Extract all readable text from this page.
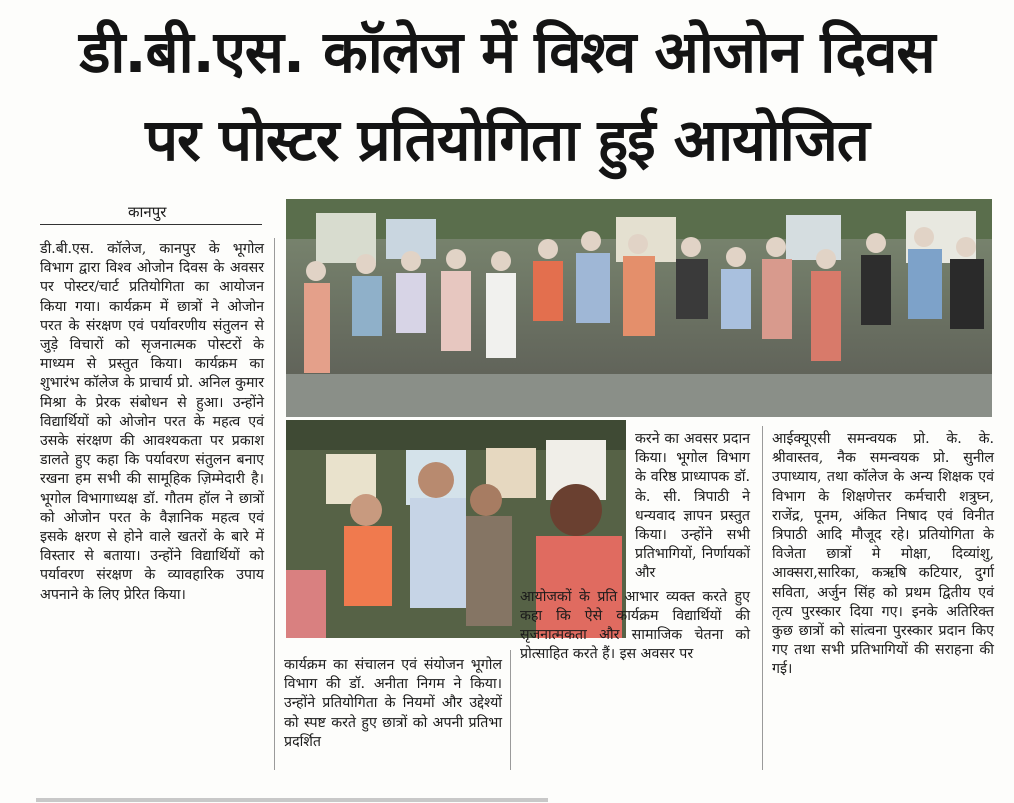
डी.बी.एस. कॉलेज में विश्व ओजोन दिवस
पर पोस्टर प्रतियोगिता हुई आयोजित
कानपुर

डी.बी.एस. कॉलेज, कानपुर के भूगोल विभाग द्वारा विश्व ओजोन दिवस के अवसर पर पोस्टर/चार्ट प्रतियोगिता का आयोजन किया गया। कार्यक्रम में छात्रों ने ओजोन परत के संरक्षण एवं पर्यावरणीय संतुलन से जुड़े विचारों को सृजनात्मक पोस्टरों के माध्यम से प्रस्तुत किया। कार्यक्रम का शुभारंभ कॉलेज के प्राचार्य प्रो. अनिल कुमार मिश्रा के प्रेरक संबोधन से हुआ। उन्होंने विद्यार्थियों को ओजोन परत के महत्व एवं उसके संरक्षण की आवश्यकता पर प्रकाश डालते हुए कहा कि पर्यावरण संतुलन बनाए रखना हम सभी की सामूहिक ज़िम्मेदारी है। भूगोल विभागाध्यक्ष डॉ. गौतम हॉल ने छात्रों को ओजोन परत के वैज्ञानिक महत्व एवं इसके क्षरण से होने वाले खतरों के बारे में विस्तार से बताया। उन्होंने विद्यार्थियों को पर्यावरण संरक्षण के व्यावहारिक उपाय अपनाने के लिए प्रेरित किया।

कार्यक्रम का संचालन एवं संयोजन भूगोल विभाग की डॉ. अनीता निगम ने किया। उन्होंने प्रतियोगिता के नियमों और उद्देश्यों को स्पष्ट करते हुए छात्रों को अपनी प्रतिभा प्रदर्शित

करने का अवसर प्रदान किया। भूगोल विभाग के वरिष्ठ प्राध्यापक डॉ. के. सी. त्रिपाठी ने धन्यवाद ज्ञापन प्रस्तुत किया। उन्होंने सभी प्रतिभागियों, निर्णायकों और

आयोजकों के प्रति आभार व्यक्त करते हुए कहा कि ऐसे कार्यक्रम विद्यार्थियों की सृजनात्मकता और सामाजिक चेतना को प्रोत्साहित करते हैं। इस अवसर पर

आईक्यूएसी समन्वयक प्रो. के. के. श्रीवास्तव, नैक समन्वयक प्रो. सुनील उपाध्याय, तथा कॉलेज के अन्य शिक्षक एवं विभाग के शिक्षणेत्तर कर्मचारी शत्रुघ्न, राजेंद्र, पूनम, अंकित निषाद एवं विनीत त्रिपाठी आदि मौजूद रहे। प्रतियोगिता के विजेता छात्रों मे मोक्षा, दिव्यांशु, आक्सरा,सारिका, कऋषि कटियार, दुर्गा सविता, अर्जुन सिंह को प्रथम द्वितीय एवं तृत्य पुरस्कार दिया गए। इनके अतिरिक्त कुछ छात्रों को सांत्वना पुरस्कार प्रदान किए गए तथा सभी प्रतिभागियों की सराहना की गई।
